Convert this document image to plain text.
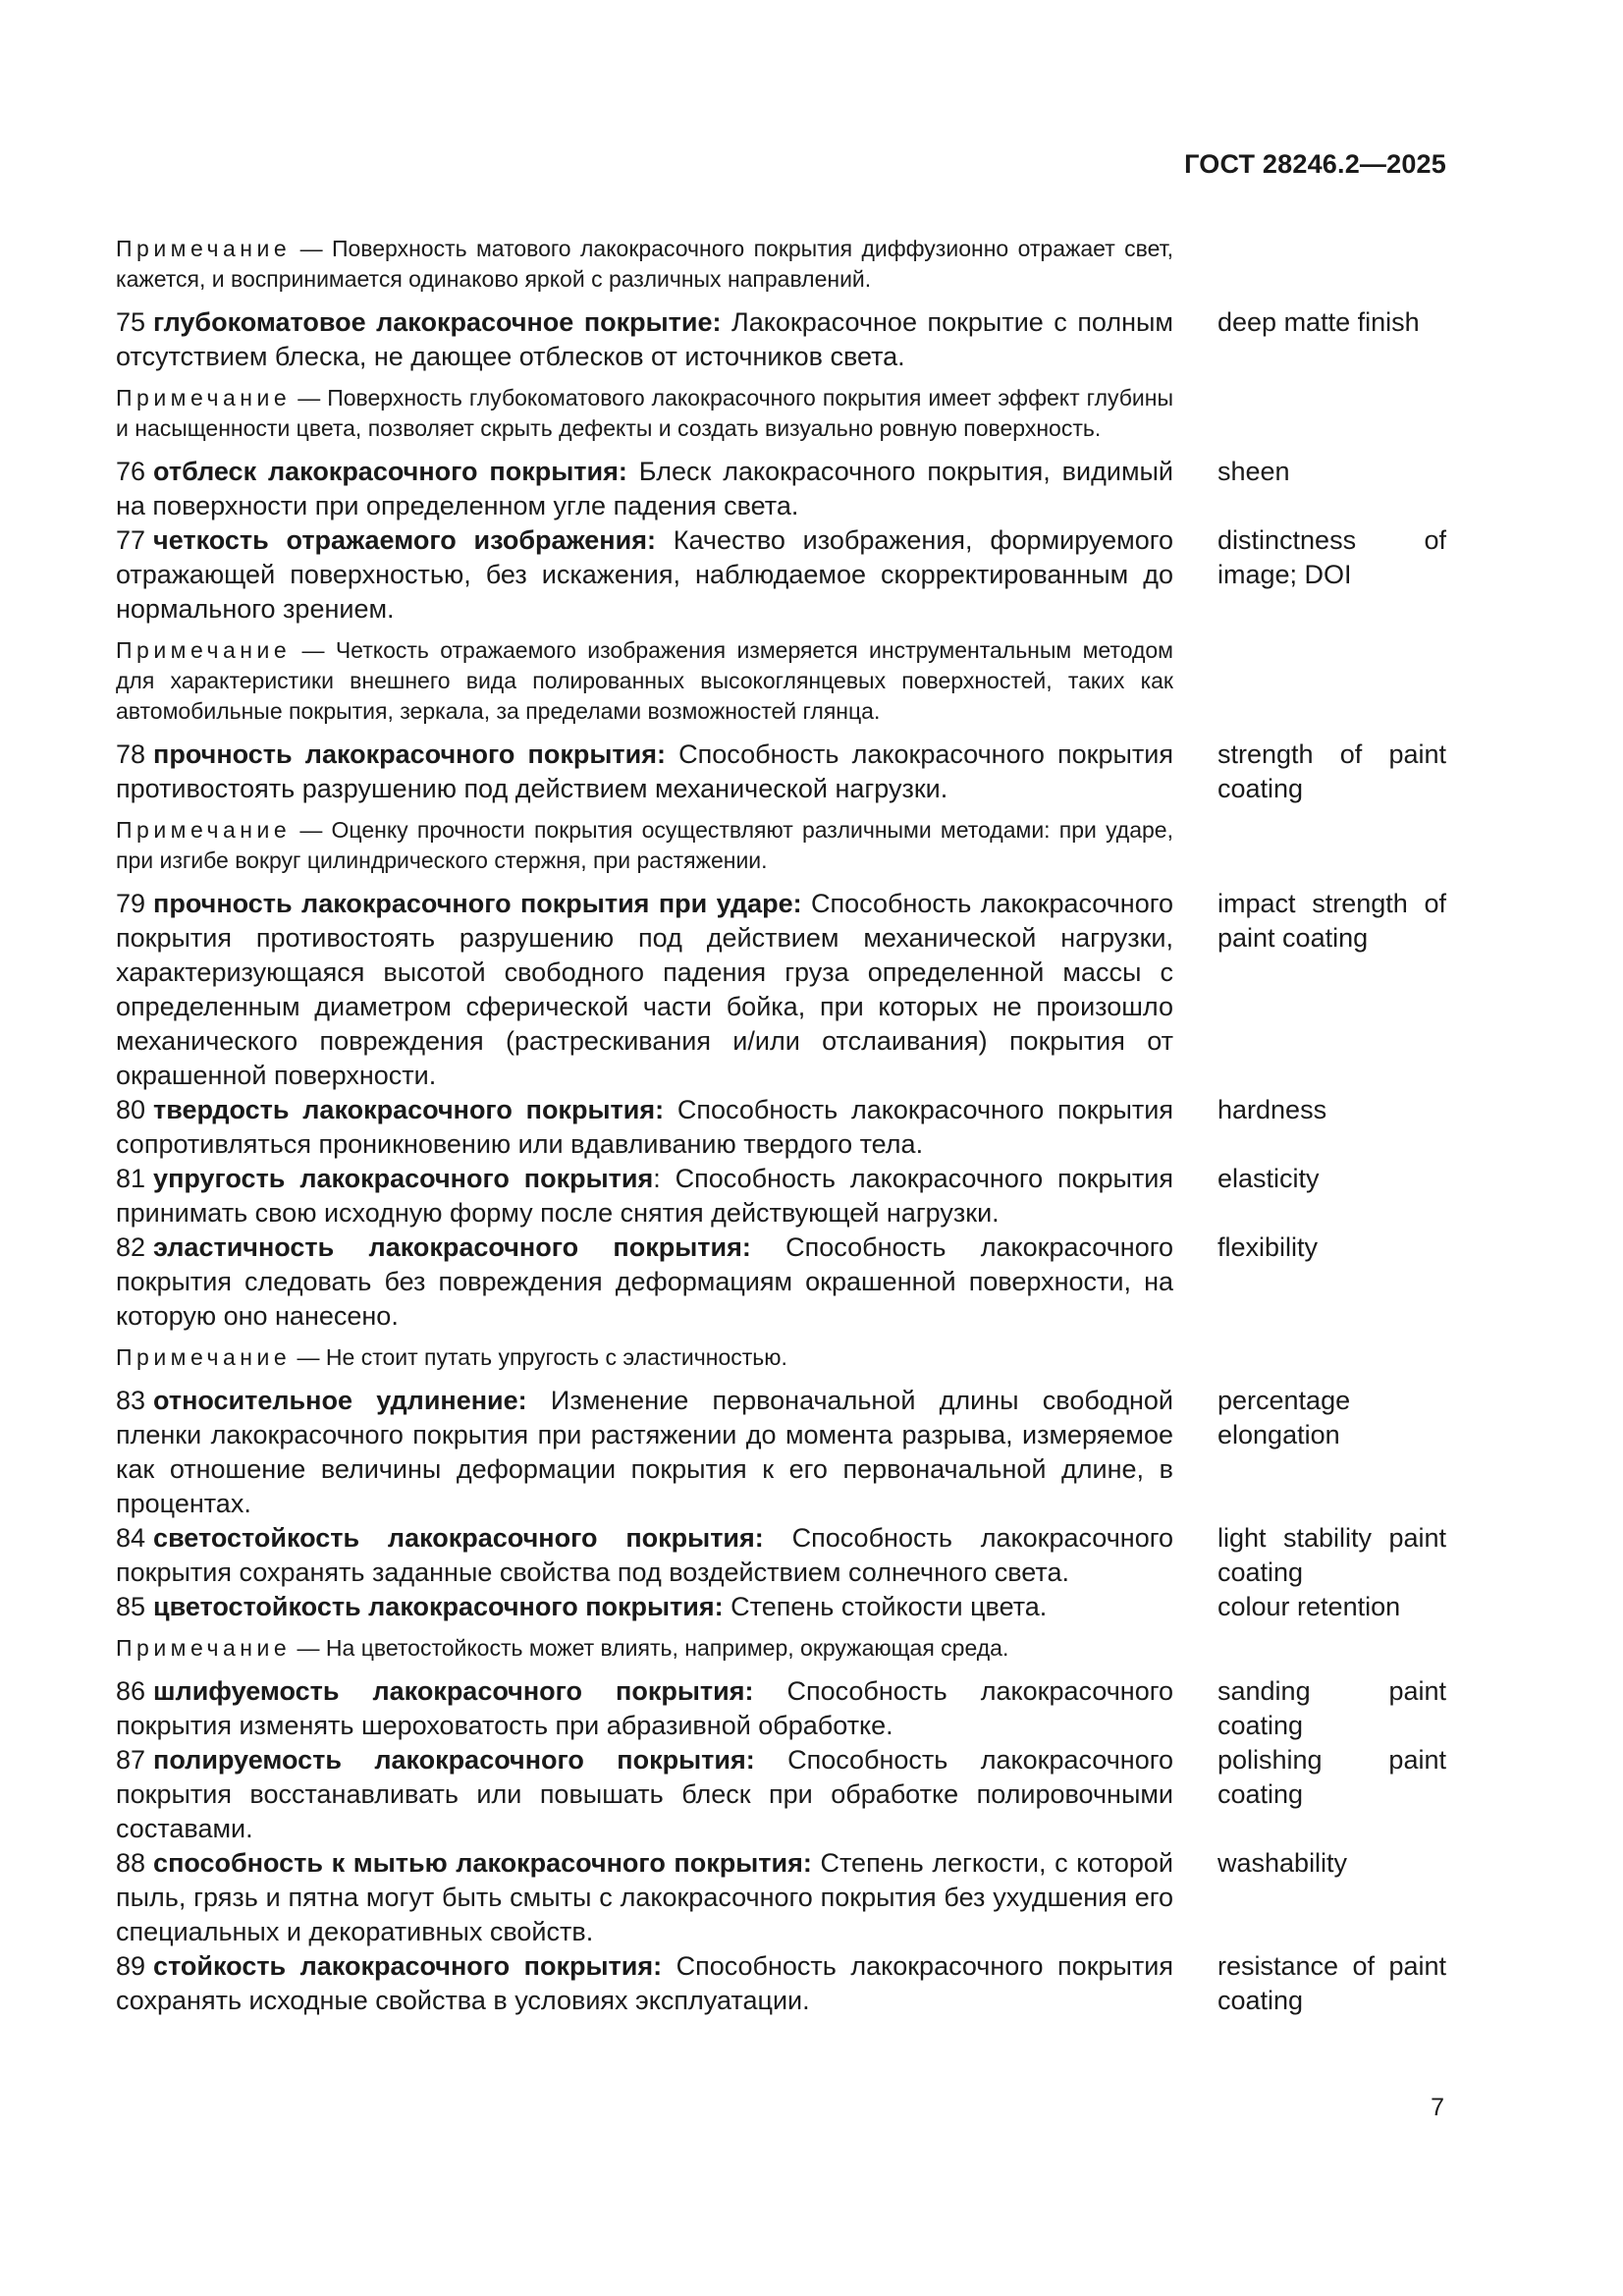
ГОСТ 28246.2—2025
Примечание — Поверхность матового лакокрасочного покрытия диффузионно отражает свет, кажется, и воспринимается одинаково яркой с различных направлений.
75 глубокоматовое лакокрасочное покрытие: Лакокрасочное покрытие с полным отсутствием блеска, не дающее отблесков от источников света.
deep matte finish
Примечание — Поверхность глубокоматового лакокрасочного покрытия имеет эффект глубины и насыщенности цвета, позволяет скрыть дефекты и создать визуально ровную поверхность.
76 отблеск лакокрасочного покрытия: Блеск лакокрасочного покрытия, видимый на поверхности при определенном угле падения света.
sheen
77 четкость отражаемого изображения: Качество изображения, формируемого отражающей поверхностью, без искажения, наблюдаемое скорректированным до нормального зрением.
distinctness of image; DOI
Примечание — Четкость отражаемого изображения измеряется инструментальным методом для характеристики внешнего вида полированных высокоглянцевых поверхностей, таких как автомобильные покрытия, зеркала, за пределами возможностей глянца.
78 прочность лакокрасочного покрытия: Способность лакокрасочного покрытия противостоять разрушению под действием механической нагрузки.
strength of paint coating
Примечание — Оценку прочности покрытия осуществляют различными методами: при ударе, при изгибе вокруг цилиндрического стержня, при растяжении.
79 прочность лакокрасочного покрытия при ударе: Способность лакокрасочного покрытия противостоять разрушению под действием механической нагрузки, характеризующаяся высотой свободного падения груза определенной массы с определенным диаметром сферической части бойка, при которых не произошло механического повреждения (растрескивания и/или отслаивания) покрытия от окрашенной поверхности.
impact strength of paint coating
80 твердость лакокрасочного покрытия: Способность лакокрасочного покрытия сопротивляться проникновению или вдавливанию твердого тела.
hardness
81 упругость лакокрасочного покрытия: Способность лакокрасочного покрытия принимать свою исходную форму после снятия действующей нагрузки.
elasticity
82 эластичность лакокрасочного покрытия: Способность лакокрасочного покрытия следовать без повреждения деформациям окрашенной поверхности, на которую оно нанесено.
flexibility
Примечание — Не стоит путать упругость с эластичностью.
83 относительное удлинение: Изменение первоначальной длины свободной пленки лакокрасочного покрытия при растяжении до момента разрыва, измеряемое как отношение величины деформации покрытия к его первоначальной длине, в процентах.
percentage elongation
84 светостойкость лакокрасочного покрытия: Способность лакокрасочного покрытия сохранять заданные свойства под воздействием солнечного света.
light stability paint coating
85 цветостойкость лакокрасочного покрытия: Степень стойкости цвета.	colour retention
Примечание — На цветостойкость может влиять, например, окружающая среда.
86 шлифуемость лакокрасочного покрытия: Способность лакокрасочного покрытия изменять шероховатость при абразивной обработке.
sanding paint coating
87 полируемость лакокрасочного покрытия: Способность лакокрасочного покрытия восстанавливать или повышать блеск при обработке полировочными составами.
polishing paint coating
88 способность к мытью лакокрасочного покрытия: Степень легкости, с которой пыль, грязь и пятна могут быть смыты с лакокрасочного покрытия без ухудшения его специальных и декоративных свойств.
washability
89 стойкость лакокрасочного покрытия: Способность лакокрасочного покрытия сохранять исходные свойства в условиях эксплуатации.
resistance of paint coating
7
